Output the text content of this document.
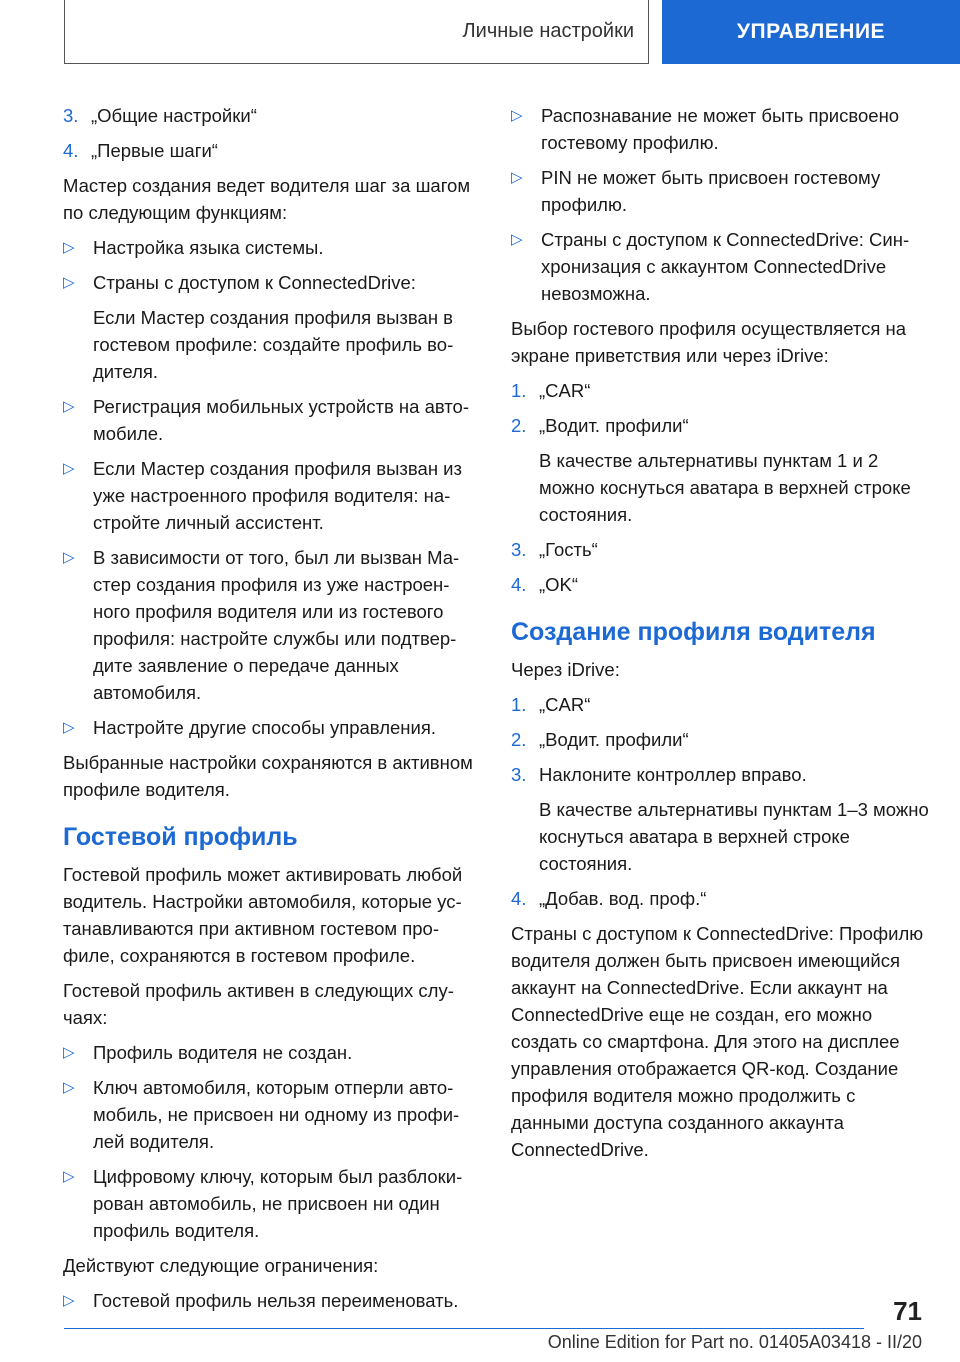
Личные настройки	УПРАВЛЕНИЕ
3. „Общие настройки“
4. „Первые шаги“
Мастер создания ведет водителя шаг за шагом по следующим функциям:
▷ Настройка языка системы.
▷ Страны с доступом к ConnectedDrive:
Если Мастер создания профиля вызван в гостевом профиле: создайте профиль водителя.
▷ Регистрация мобильных устройств на автомобиле.
▷ Если Мастер создания профиля вызван из уже настроенного профиля водителя: настройте личный ассистент.
▷ В зависимости от того, был ли вызван Мастер создания профиля из уже настроенного профиля водителя или из гостевого профиля: настройте службы или подтвердите заявление о передаче данных автомобиля.
▷ Настройте другие способы управления.
Выбранные настройки сохраняются в активном профиле водителя.
Гостевой профиль
Гостевой профиль может активировать любой водитель. Настройки автомобиля, которые устанавливаются при активном гостевом профиле, сохраняются в гостевом профиле.
Гостевой профиль активен в следующих случаях:
▷ Профиль водителя не создан.
▷ Ключ автомобиля, которым отперли автомобиль, не присвоен ни одному из профилей водителя.
▷ Цифровому ключу, которым был разблокирован автомобиль, не присвоен ни один профиль водителя.
Действуют следующие ограничения:
▷ Гостевой профиль нельзя переименовать.
▷ Распознавание не может быть присвоено гостевому профилю.
▷ PIN не может быть присвоен гостевому профилю.
▷ Страны с доступом к ConnectedDrive: Синхронизация с аккаунтом ConnectedDrive невозможна.
Выбор гостевого профиля осуществляется на экране приветствия или через iDrive:
1. „CAR“
2. „Водит. профили“
В качестве альтернативы пунктам 1 и 2 можно коснуться аватара в верхней строке состояния.
3. „Гость“
4. „OK“
Создание профиля водителя
Через iDrive:
1. „CAR“
2. „Водит. профили“
3. Наклоните контроллер вправо.
В качестве альтернативы пунктам 1–3 можно коснуться аватара в верхней строке состояния.
4. „Добав. вод. проф.“
Страны с доступом к ConnectedDrive: Профилю водителя должен быть присвоен имеющийся аккаунт на ConnectedDrive. Если аккаунт на ConnectedDrive еще не создан, его можно создать со смартфона. Для этого на дисплее управления отображается QR-код. Создание профиля водителя можно продолжить с данными доступа созданного аккаунта ConnectedDrive.
71
Online Edition for Part no. 01405A03418 - II/20
